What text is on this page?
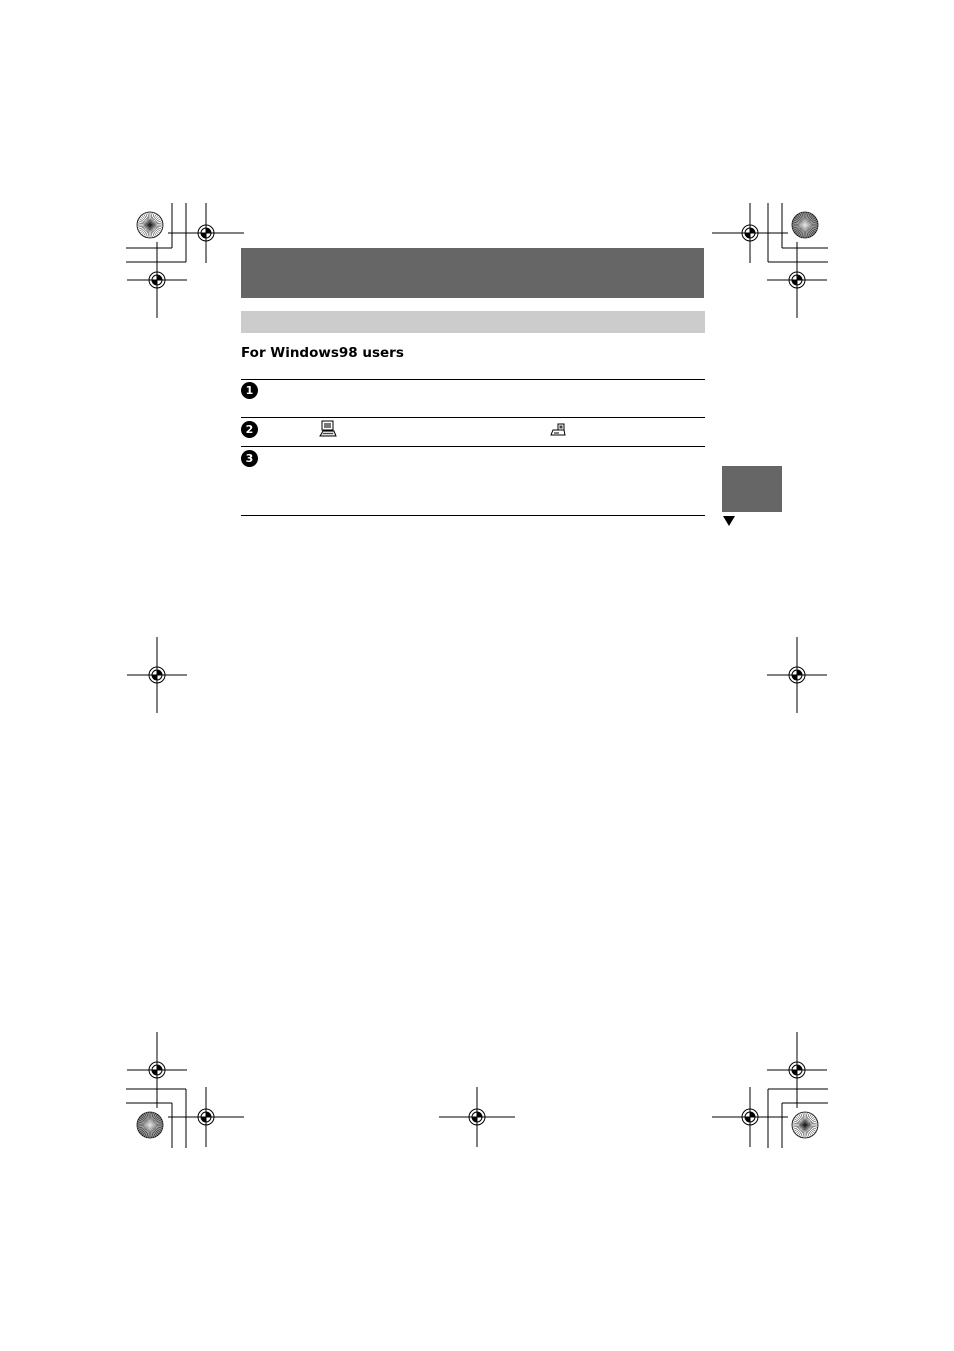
For Windows98 users
1
2
3
